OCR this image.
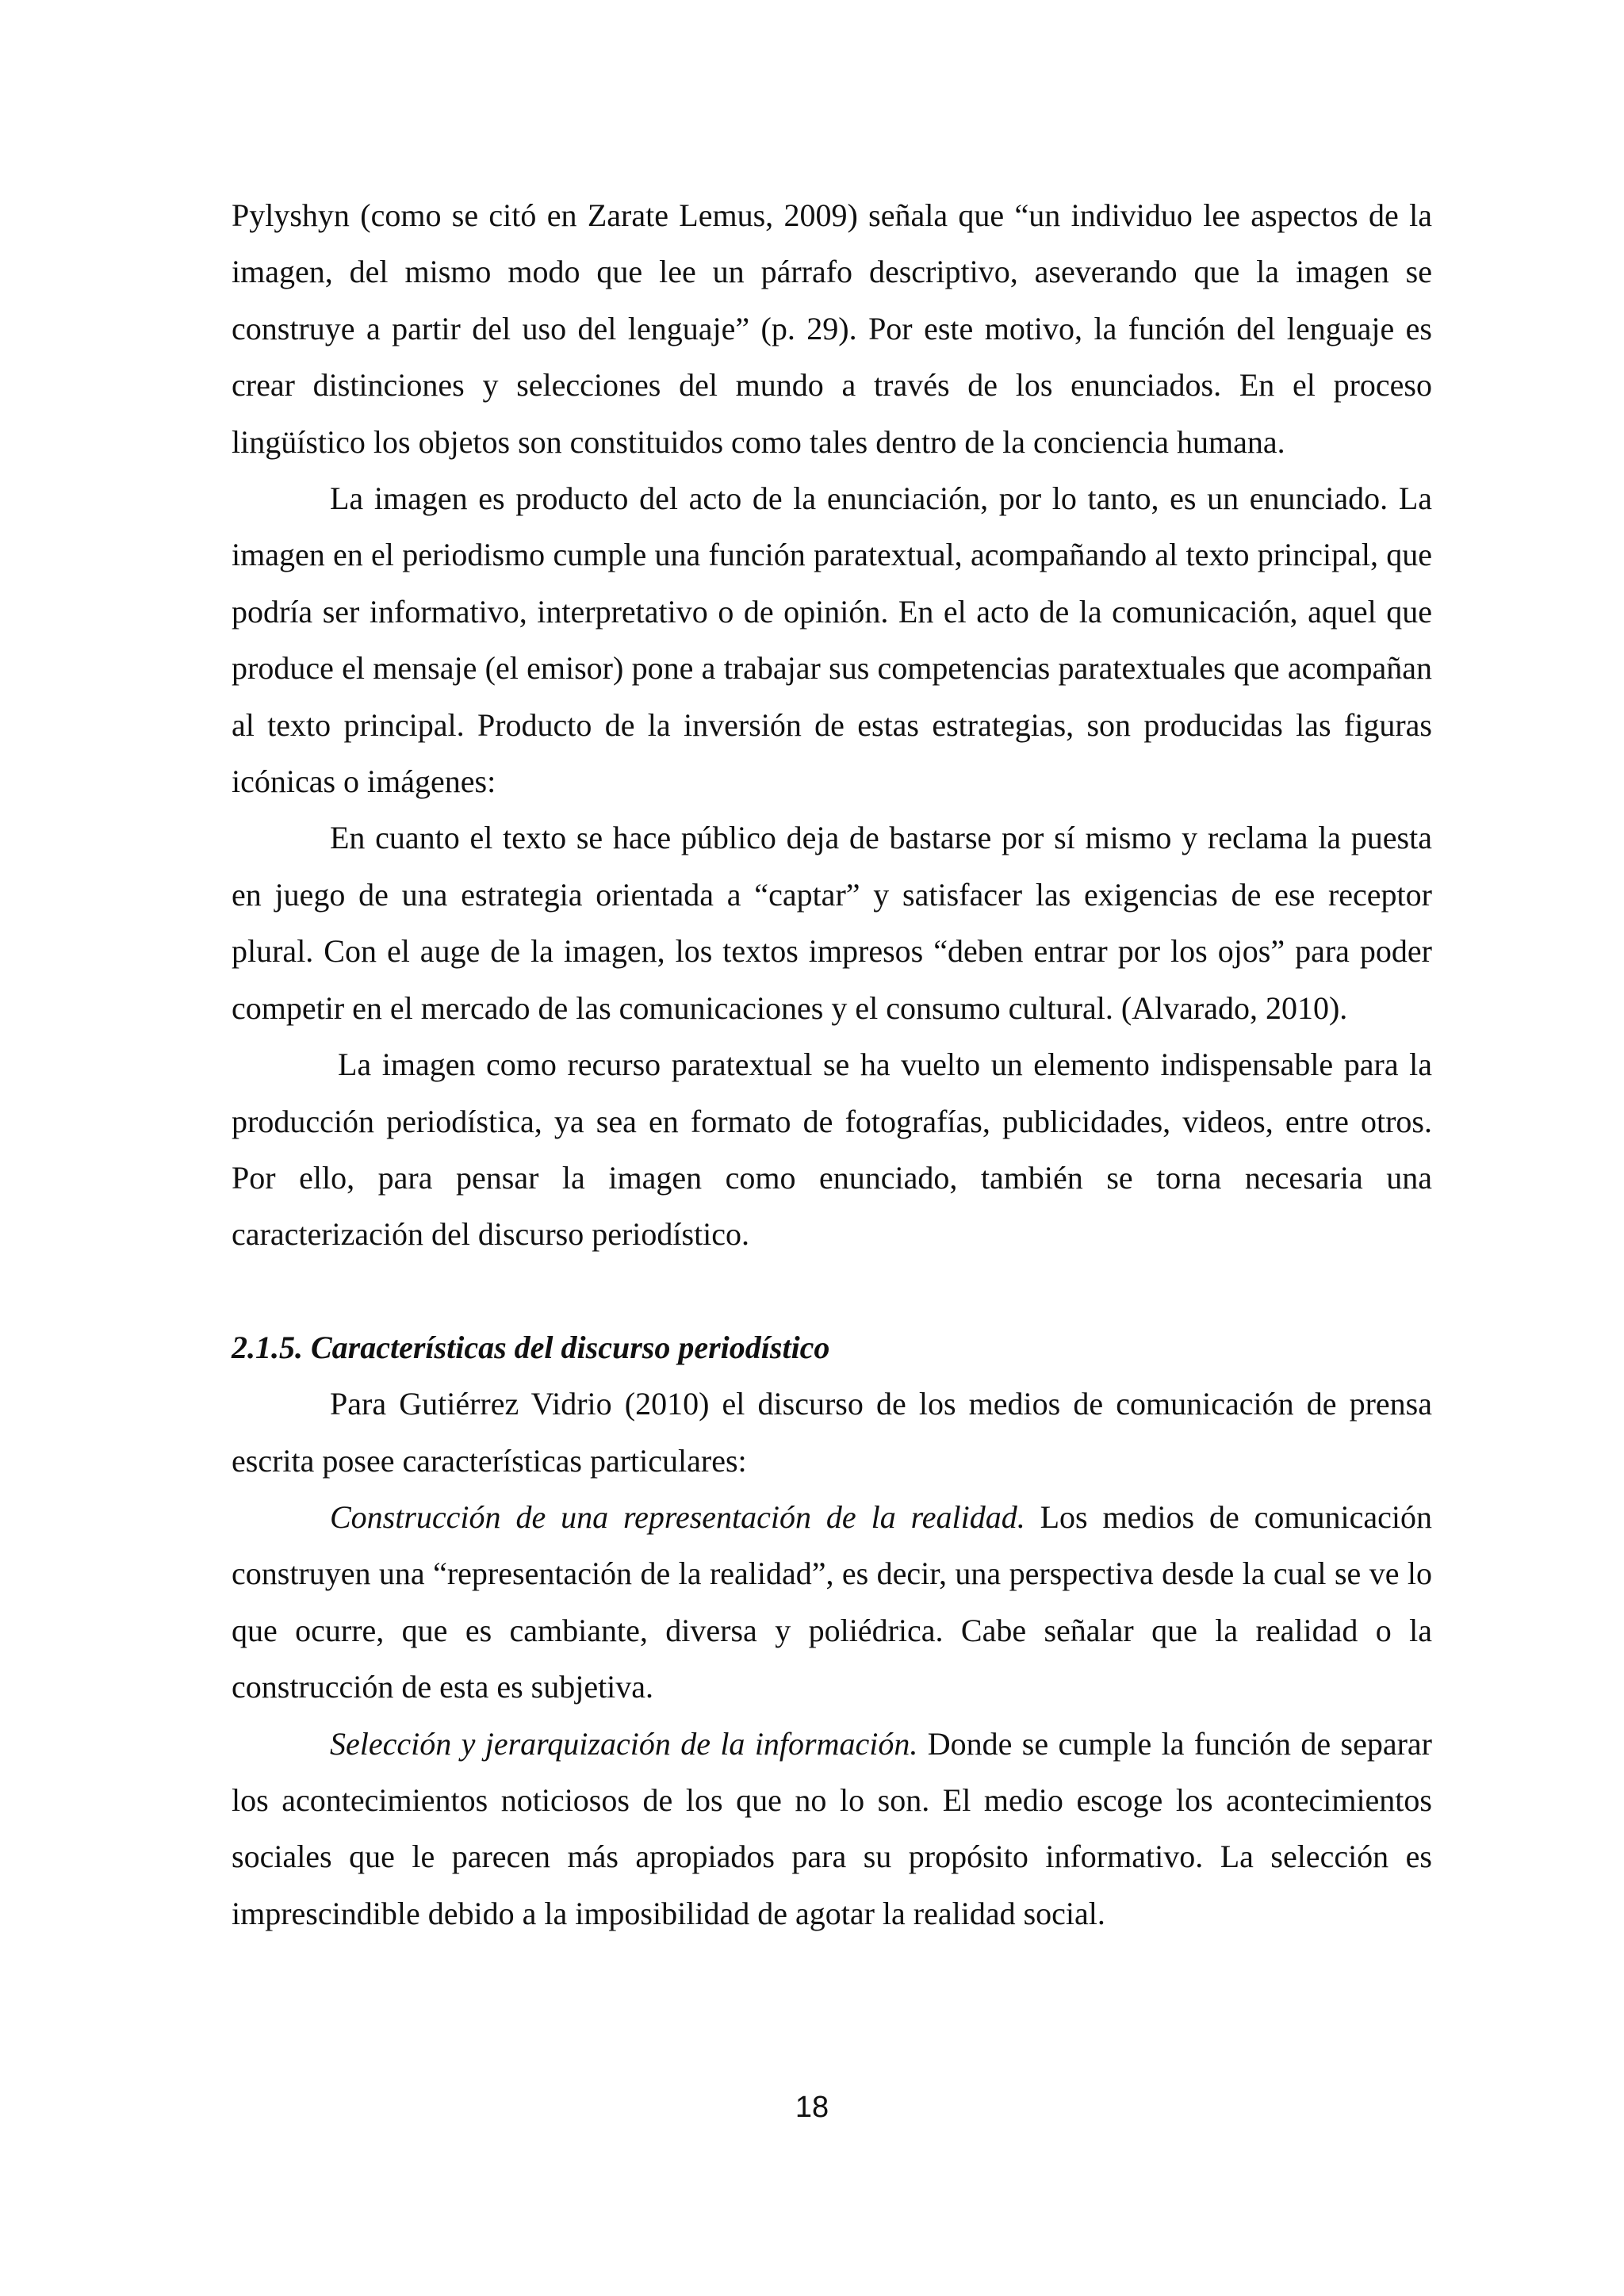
Pylyshyn (como se citó en Zarate Lemus, 2009) señala que “un individuo lee aspectos de la imagen, del mismo modo que lee un párrafo descriptivo, aseverando que la imagen se construye a partir del uso del lenguaje” (p. 29). Por este motivo, la función del lenguaje es crear distinciones y selecciones del mundo a través de los enunciados. En el proceso lingüístico los objetos son constituidos como tales dentro de la conciencia humana.

La imagen es producto del acto de la enunciación, por lo tanto, es un enunciado. La imagen en el periodismo cumple una función paratextual, acompañando al texto principal, que podría ser informativo, interpretativo o de opinión. En el acto de la comunicación, aquel que produce el mensaje (el emisor) pone a trabajar sus competencias paratextuales que acompañan al texto principal. Producto de la inversión de estas estrategias, son producidas las figuras icónicas o imágenes:

En cuanto el texto se hace público deja de bastarse por sí mismo y reclama la puesta en juego de una estrategia orientada a “captar” y satisfacer las exigencias de ese receptor plural. Con el auge de la imagen, los textos impresos “deben entrar por los ojos” para poder competir en el mercado de las comunicaciones y el consumo cultural. (Alvarado, 2010).

La imagen como recurso paratextual se ha vuelto un elemento indispensable para la producción periodística, ya sea en formato de fotografías, publicidades, videos, entre otros. Por ello, para pensar la imagen como enunciado, también se torna necesaria una caracterización del discurso periodístico.

2.1.5. Características del discurso periodístico

Para Gutiérrez Vidrio (2010) el discurso de los medios de comunicación de prensa escrita posee características particulares:

Construcción de una representación de la realidad. Los medios de comunicación construyen una “representación de la realidad”, es decir, una perspectiva desde la cual se ve lo que ocurre, que es cambiante, diversa y poliédrica. Cabe señalar que la realidad o la construcción de esta es subjetiva.

Selección y jerarquización de la información. Donde se cumple la función de separar los acontecimientos noticiosos de los que no lo son. El medio escoge los acontecimientos sociales que le parecen más apropiados para su propósito informativo. La selección es imprescindible debido a la imposibilidad de agotar la realidad social.

18
